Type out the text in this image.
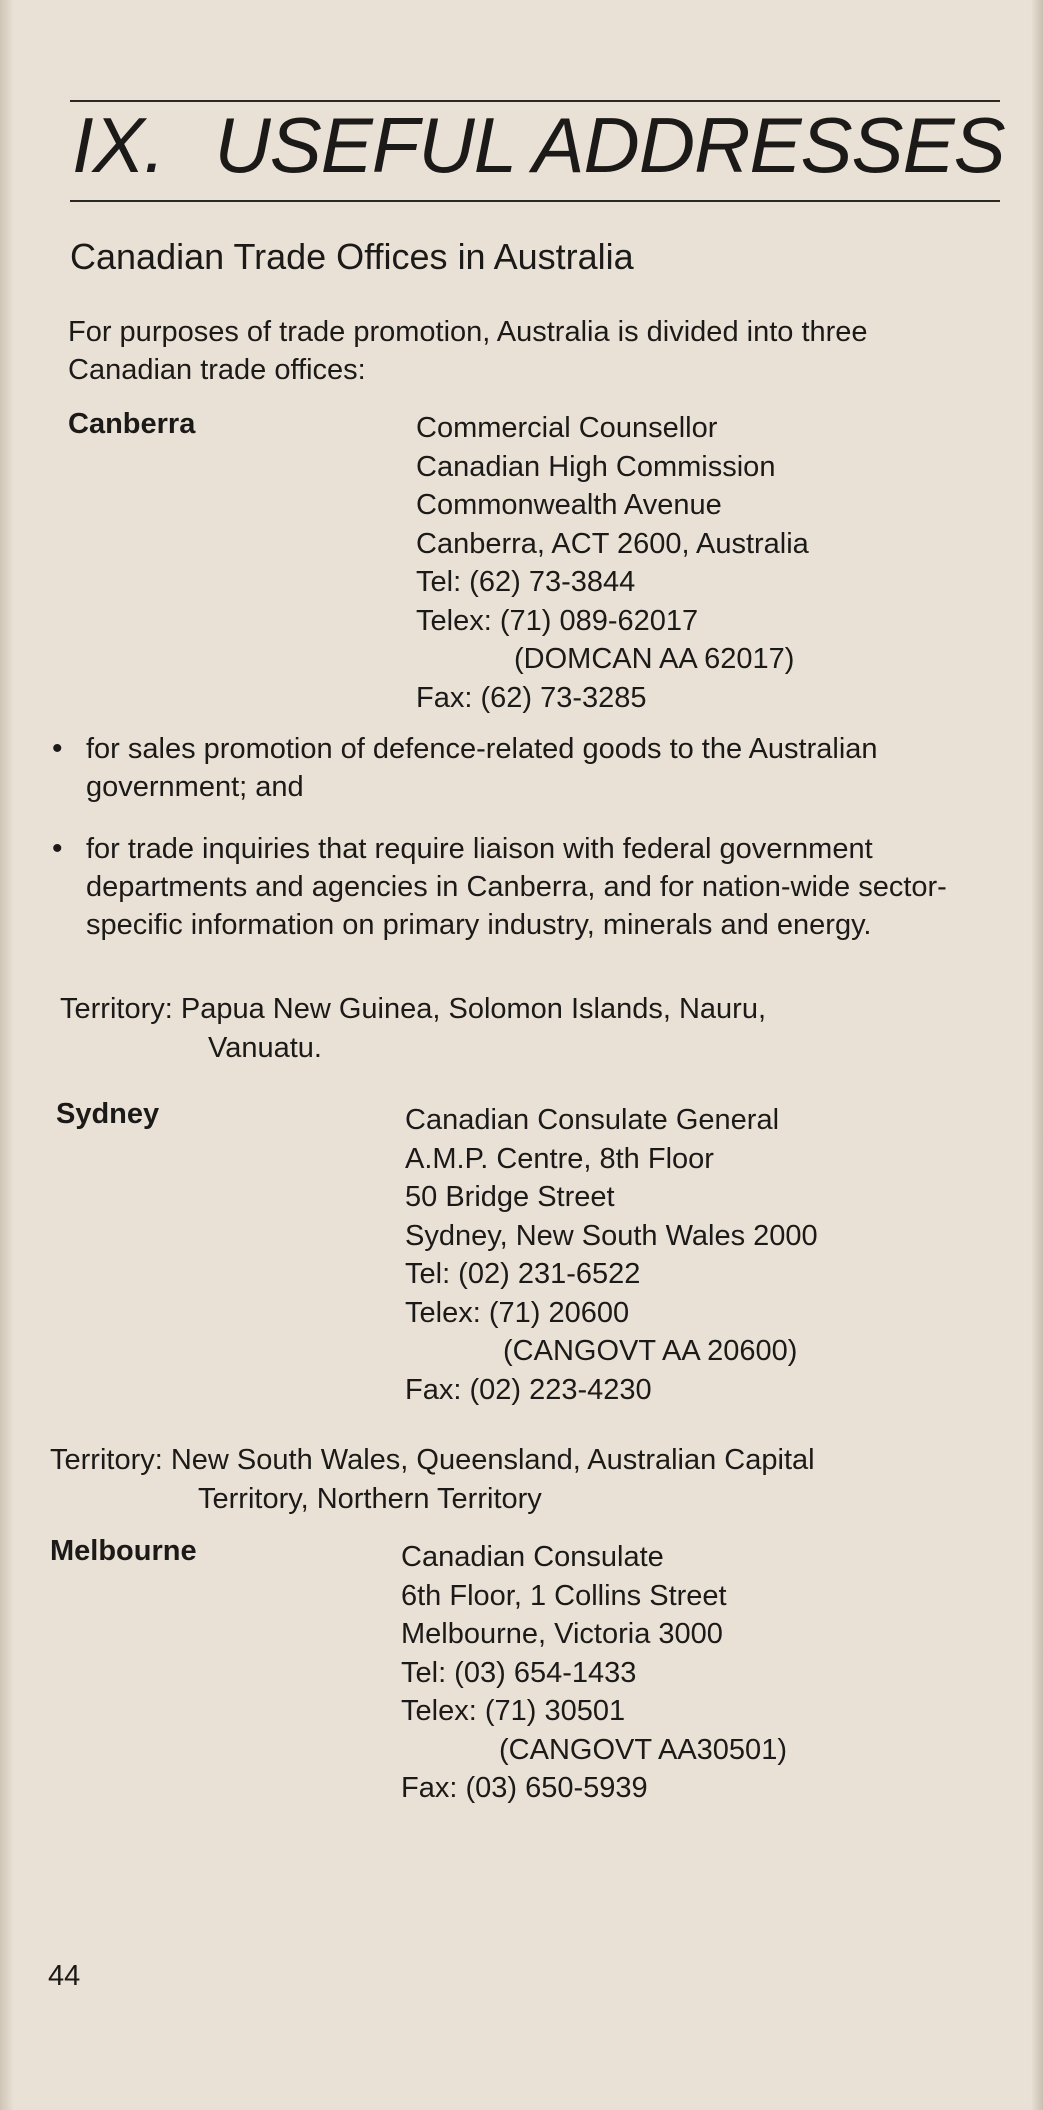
IX. USEFUL ADDRESSES
Canadian Trade Offices in Australia
For purposes of trade promotion, Australia is divided into three Canadian trade offices:
Canberra	Commercial Counsellor
Canadian High Commission
Commonwealth Avenue
Canberra, ACT 2600, Australia
Tel: (62) 73-3844
Telex: (71) 089-62017
(DOMCAN AA 62017)
Fax: (62) 73-3285
• for sales promotion of defence-related goods to the Australian government; and
• for trade inquiries that require liaison with federal government departments and agencies in Canberra, and for nation-wide sector-specific information on primary industry, minerals and energy.
Territory: Papua New Guinea, Solomon Islands, Nauru,
Vanuatu.
Sydney	Canadian Consulate General
A.M.P. Centre, 8th Floor
50 Bridge Street
Sydney, New South Wales 2000
Tel: (02) 231-6522
Telex: (71) 20600
(CANGOVT AA 20600)
Fax: (02) 223-4230
Territory: New South Wales, Queensland, Australian Capital
Territory, Northern Territory
Melbourne	Canadian Consulate
6th Floor, 1 Collins Street
Melbourne, Victoria 3000
Tel: (03) 654-1433
Telex: (71) 30501
(CANGOVT AA30501)
Fax: (03) 650-5939
44
